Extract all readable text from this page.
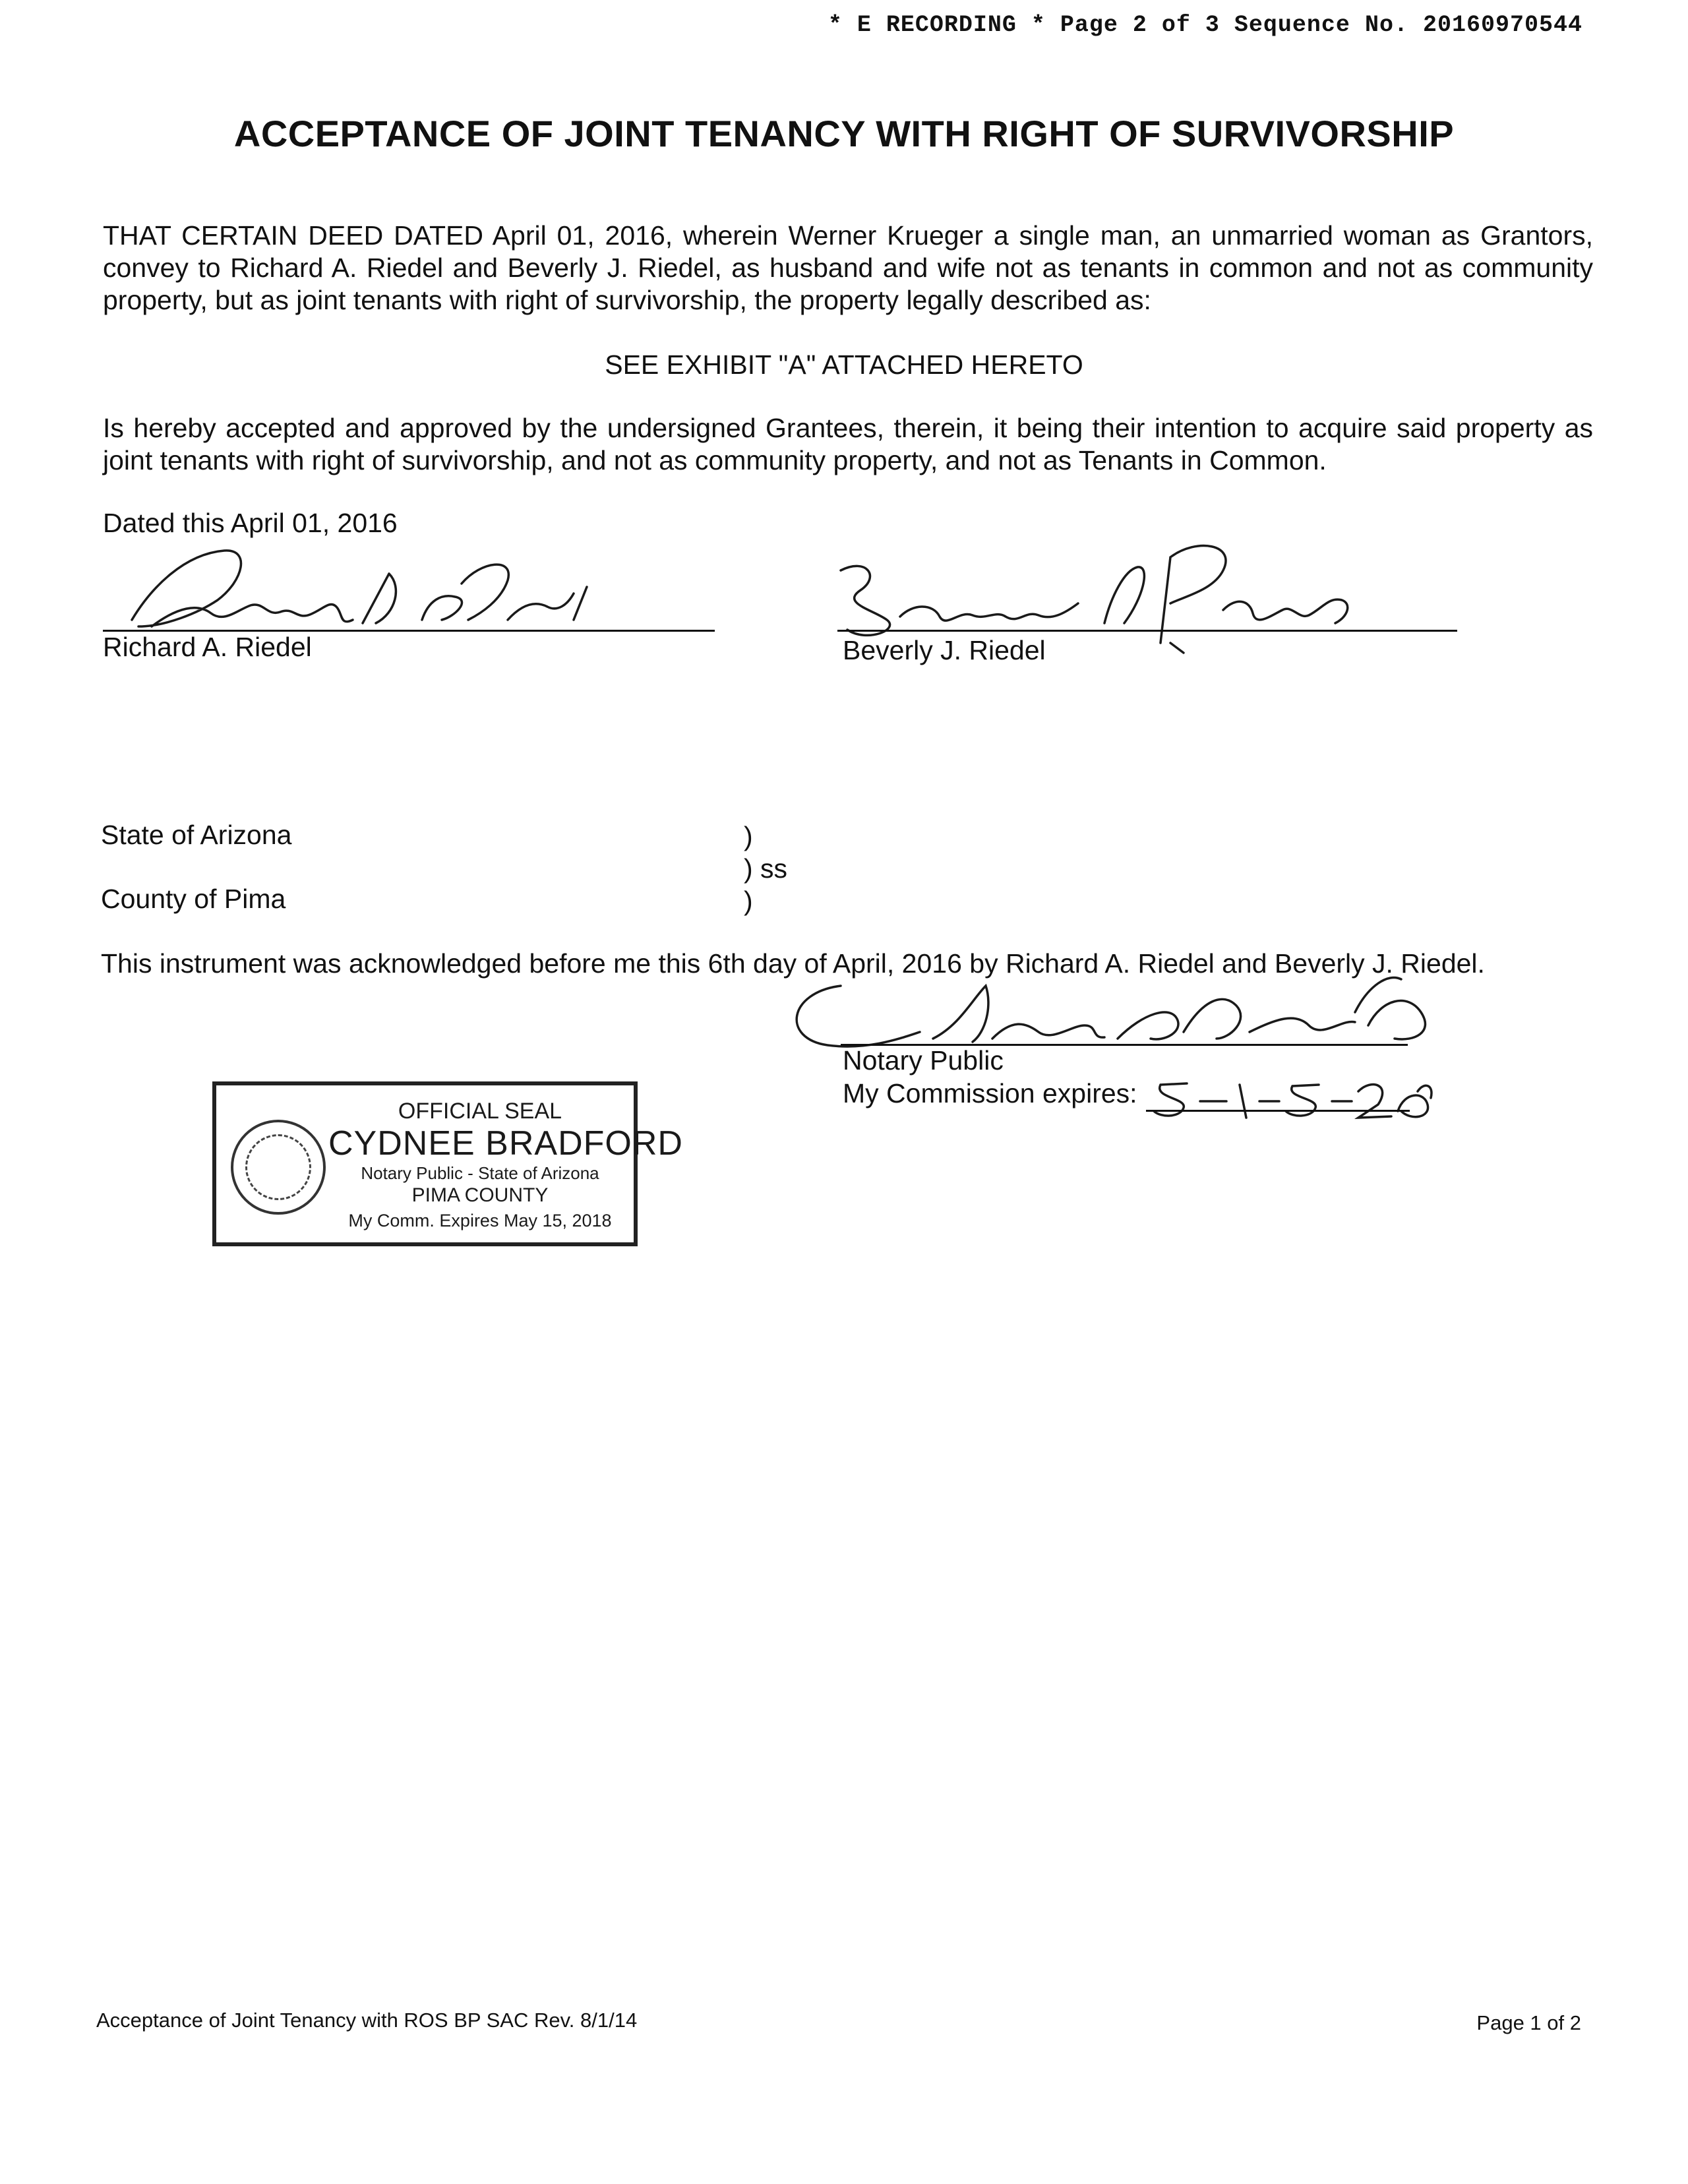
* E RECORDING * Page 2 of 3 Sequence No. 20160970544
ACCEPTANCE OF JOINT TENANCY WITH RIGHT OF SURVIVORSHIP
THAT CERTAIN DEED DATED April 01, 2016, wherein Werner Krueger a single man, an unmarried woman as Grantors, convey to Richard A. Riedel and Beverly J. Riedel, as husband and wife not as tenants in common and not as community property, but as joint tenants with right of survivorship, the property legally described as:
SEE EXHIBIT "A" ATTACHED HERETO
Is hereby accepted and approved by the undersigned Grantees, therein, it being their intention to acquire said property as joint tenants with right of survivorship, and not as community property, and not as Tenants in Common.
Dated this April 01, 2016
Richard A. Riedel	Beverly J. Riedel
State of Arizona
County of Pima
)
) ss
)
This instrument was acknowledged before me this 6th day of April, 2016 by Richard A. Riedel and Beverly J. Riedel.
Notary Public
My Commission expires:
OFFICIAL SEAL
CYDNEE BRADFORD
Notary Public - State of Arizona
PIMA COUNTY
My Comm. Expires May 15, 2018
Acceptance of Joint Tenancy with ROS BP SAC Rev. 8/1/14	Page 1 of 2
